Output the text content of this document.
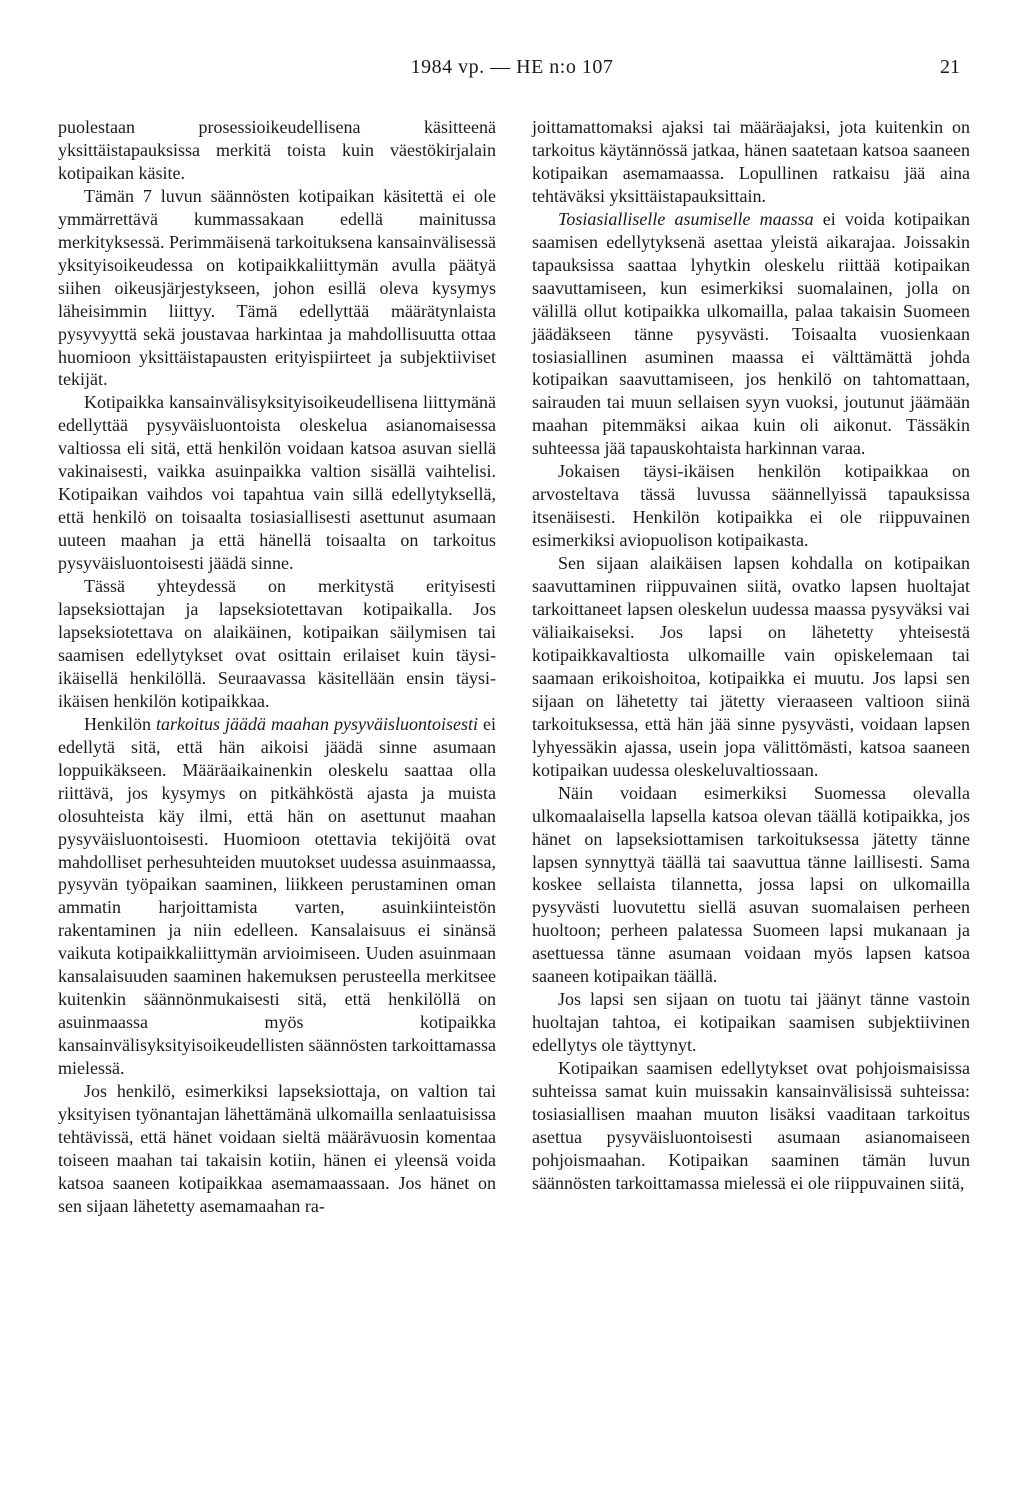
1984 vp. — HE n:o 107	21

puolestaan prosessioikeudellisena käsitteenä yksittäistapauksissa merkitä toista kuin väestökirjalain kotipaikan käsite.

Tämän 7 luvun säännösten kotipaikan käsitettä ei ole ymmärrettävä kummassakaan edellä mainitussa merkityksessä. Perimmäisenä tarkoituksena kansainvälisessä yksityisoikeudessa on kotipaikkaliittymän avulla päätyä siihen oikeusjärjestykseen, johon esillä oleva kysymys läheisimmin liittyy. Tämä edellyttää määrätynlaista pysyvyyttä sekä joustavaa harkintaa ja mahdollisuutta ottaa huomioon yksittäistapausten erityispiirteet ja subjektiiviset tekijät.

Kotipaikka kansainvälisyksityisoikeudellisena liittymänä edellyttää pysyväisluontoista oleskelua asianomaisessa valtiossa eli sitä, että henkilön voidaan katsoa asuvan siellä vakinaisesti, vaikka asuinpaikka valtion sisällä vaihtelisi. Kotipaikan vaihdos voi tapahtua vain sillä edellytyksellä, että henkilö on toisaalta tosiasiallisesti asettunut asumaan uuteen maahan ja että hänellä toisaalta on tarkoitus pysyväisluontoisesti jäädä sinne.

Tässä yhteydessä on merkitystä erityisesti lapseksiottajan ja lapseksiotettavan kotipaikalla. Jos lapseksiotettava on alaikäinen, kotipaikan säilymisen tai saamisen edellytykset ovat osittain erilaiset kuin täysi-ikäisellä henkilöllä. Seuraavassa käsitellään ensin täysi-ikäisen henkilön kotipaikkaa.

Henkilön tarkoitus jäädä maahan pysyväisluontoisesti ei edellytä sitä, että hän aikoisi jäädä sinne asumaan loppuikäkseen. Määräaikainenkin oleskelu saattaa olla riittävä, jos kysymys on pitkähköstä ajasta ja muista olosuhteista käy ilmi, että hän on asettunut maahan pysyväisluontoisesti. Huomioon otettavia tekijöitä ovat mahdolliset perhesuhteiden muutokset uudessa asuinmaassa, pysyvän työpaikan saaminen, liikkeen perustaminen oman ammatin harjoittamista varten, asuinkiinteistön rakentaminen ja niin edelleen. Kansalaisuus ei sinänsä vaikuta kotipaikkaliittymän arvioimiseen. Uuden asuinmaan kansalaisuuden saaminen hakemuksen perusteella merkitsee kuitenkin säännönmukaisesti sitä, että henkilöllä on asuinmaassa myös kotipaikka kansainvälisyksityisoikeudellisten säännösten tarkoittamassa mielessä.

Jos henkilö, esimerkiksi lapseksiottaja, on valtion tai yksityisen työnantajan lähettämänä ulkomailla senlaatuisissa tehtävissä, että hänet voidaan sieltä määrävuosin komentaa toiseen maahan tai takaisin kotiin, hänen ei yleensä voida katsoa saaneen kotipaikkaa asemamaassaan. Jos hänet on sen sijaan lähetetty asemamaahan ra-

joittamattomaksi ajaksi tai määräajaksi, jota kuitenkin on tarkoitus käytännössä jatkaa, hänen saatetaan katsoa saaneen kotipaikan asemamaassa. Lopullinen ratkaisu jää aina tehtäväksi yksittäistapauksittain.

Tosiasialliselle asumiselle maassa ei voida kotipaikan saamisen edellytyksenä asettaa yleistä aikarajaa. Joissakin tapauksissa saattaa lyhytkin oleskelu riittää kotipaikan saavuttamiseen, kun esimerkiksi suomalainen, jolla on välillä ollut kotipaikka ulkomailla, palaa takaisin Suomeen jäädäkseen tänne pysyvästi. Toisaalta vuosienkaan tosiasiallinen asuminen maassa ei välttämättä johda kotipaikan saavuttamiseen, jos henkilö on tahtomattaan, sairauden tai muun sellaisen syyn vuoksi, joutunut jäämään maahan pitemmäksi aikaa kuin oli aikonut. Tässäkin suhteessa jää tapauskohtaista harkinnan varaa.

Jokaisen täysi-ikäisen henkilön kotipaikkaa on arvosteltava tässä luvussa säännellyissä tapauksissa itsenäisesti. Henkilön kotipaikka ei ole riippuvainen esimerkiksi aviopuolison kotipaikasta.

Sen sijaan alaikäisen lapsen kohdalla on kotipaikan saavuttaminen riippuvainen siitä, ovatko lapsen huoltajat tarkoittaneet lapsen oleskelun uudessa maassa pysyväksi vai väliaikaiseksi. Jos lapsi on lähetetty yhteisestä kotipaikkavaltiosta ulkomaille vain opiskelemaan tai saamaan erikoishoitoa, kotipaikka ei muutu. Jos lapsi sen sijaan on lähetetty tai jätetty vieraaseen valtioon siinä tarkoituksessa, että hän jää sinne pysyvästi, voidaan lapsen lyhyessäkin ajassa, usein jopa välittömästi, katsoa saaneen kotipaikan uudessa oleskeluvaltiossaan.

Näin voidaan esimerkiksi Suomessa olevalla ulkomaalaisella lapsella katsoa olevan täällä kotipaikka, jos hänet on lapseksiottamisen tarkoituksessa jätetty tänne lapsen synnyttyä täällä tai saavuttua tänne laillisesti. Sama koskee sellaista tilannetta, jossa lapsi on ulkomailla pysyvästi luovutettu siellä asuvan suomalaisen perheen huoltoon; perheen palatessa Suomeen lapsi mukanaan ja asettuessa tänne asumaan voidaan myös lapsen katsoa saaneen kotipaikan täällä.

Jos lapsi sen sijaan on tuotu tai jäänyt tänne vastoin huoltajan tahtoa, ei kotipaikan saamisen subjektiivinen edellytys ole täyttynyt.

Kotipaikan saamisen edellytykset ovat pohjoismaisissa suhteissa samat kuin muissakin kansainvälisissä suhteissa: tosiasiallisen maahan muuton lisäksi vaaditaan tarkoitus asettua pysyväisluontoisesti asumaan asianomaiseen pohjoismaahan. Kotipaikan saaminen tämän luvun säännösten tarkoittamassa mielessä ei ole riippuvainen siitä,
